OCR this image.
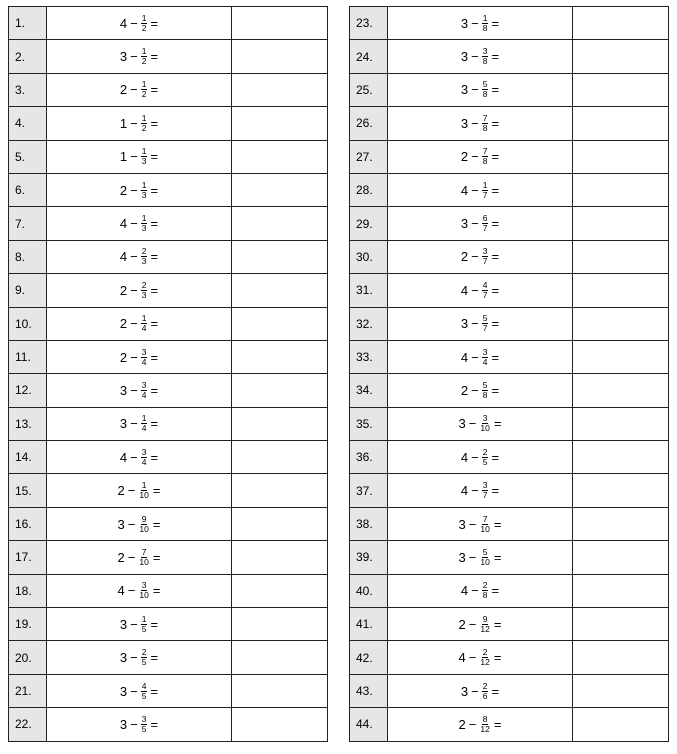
1.	$4 - \frac{1}{2}$ =	

2.	$3 - \frac{1}{2}$ =	

3.	$2 - \frac{1}{2}$ =	

4.	$1 - \frac{1}{2}$ =	

5.	$1 - \frac{1}{3}$ =	

6.	$2 - \frac{1}{3}$ =	

7.	$4 - \frac{1}{3}$ =	

8.	$4 - \frac{2}{3}$ =	

9.	$2 - \frac{2}{3}$ =	

10.	$2 - \frac{1}{4}$ =	

11.	$2 - \frac{3}{4}$ =	

12.	$3 - \frac{3}{4}$ =	

13.	$3 - \frac{1}{4}$ =	

14.	$4 - \frac{3}{4}$ =	

15.	$2 - \frac{1}{10}$ =	

16.	$3 - \frac{9}{10}$ =	

17.	$2 - \frac{7}{10}$ =	

18.	$4 - \frac{3}{10}$ =	

19.	$3 - \frac{1}{5}$ =	

20.	$3 - \frac{2}{5}$ =	

21.	$3 - \frac{4}{5}$ =	

22.	$3 - \frac{3}{5}$ =	

23.	$3 - \frac{1}{8}$ =	

24.	$3 - \frac{3}{8}$ =	

25.	$3 - \frac{5}{8}$ =	

26.	$3 - \frac{7}{8}$ =	

27.	$2 - \frac{7}{8}$ =	

28.	$4 - \frac{1}{7}$ =	

29.	$3 - \frac{6}{7}$ =	

30.	$2 - \frac{3}{7}$ =	

31.	$4 - \frac{4}{7}$ =	

32.	$3 - \frac{5}{7}$ =	

33.	$4 - \frac{3}{4}$ =	

34.	$2 - \frac{5}{8}$ =	

35.	$3 - \frac{3}{10}$ =	

36.	$4 - \frac{2}{5}$ =	

37.	$4 - \frac{3}{7}$ =	

38.	$3 - \frac{7}{10}$ =	

39.	$3 - \frac{5}{10}$ =	

40.	$4 - \frac{2}{8}$ =	

41.	$2 - \frac{9}{12}$ =	

42.	$4 - \frac{2}{12}$ =	

43.	$3 - \frac{2}{6}$ =	

44.	$2 - \frac{8}{12}$ =	
